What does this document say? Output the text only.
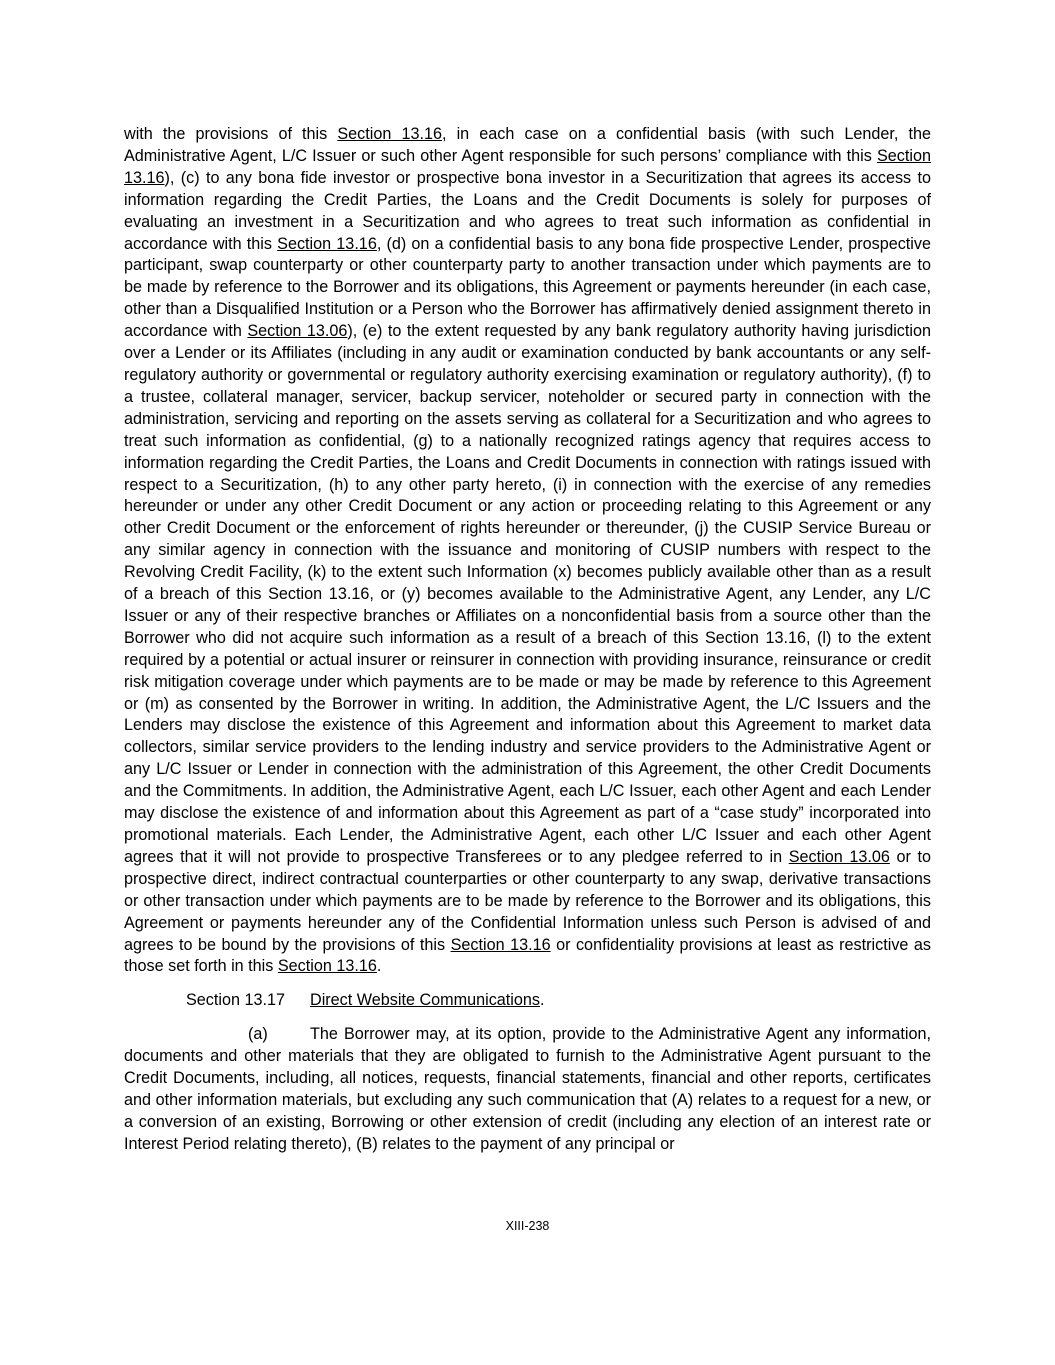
with the provisions of this Section 13.16, in each case on a confidential basis (with such Lender, the Administrative Agent, L/C Issuer or such other Agent responsible for such persons’ compliance with this Section 13.16), (c) to any bona fide investor or prospective bona investor in a Securitization that agrees its access to information regarding the Credit Parties, the Loans and the Credit Documents is solely for purposes of evaluating an investment in a Securitization and who agrees to treat such information as confidential in accordance with this Section 13.16, (d) on a confidential basis to any bona fide prospective Lender, prospective participant, swap counterparty or other counterparty party to another transaction under which payments are to be made by reference to the Borrower and its obligations, this Agreement or payments hereunder (in each case, other than a Disqualified Institution or a Person who the Borrower has affirmatively denied assignment thereto in accordance with Section 13.06), (e) to the extent requested by any bank regulatory authority having jurisdiction over a Lender or its Affiliates (including in any audit or examination conducted by bank accountants or any self-regulatory authority or governmental or regulatory authority exercising examination or regulatory authority), (f) to a trustee, collateral manager, servicer, backup servicer, noteholder or secured party in connection with the administration, servicing and reporting on the assets serving as collateral for a Securitization and who agrees to treat such information as confidential, (g) to a nationally recognized ratings agency that requires access to information regarding the Credit Parties, the Loans and Credit Documents in connection with ratings issued with respect to a Securitization, (h) to any other party hereto, (i) in connection with the exercise of any remedies hereunder or under any other Credit Document or any action or proceeding relating to this Agreement or any other Credit Document or the enforcement of rights hereunder or thereunder, (j) the CUSIP Service Bureau or any similar agency in connection with the issuance and monitoring of CUSIP numbers with respect to the Revolving Credit Facility, (k) to the extent such Information (x) becomes publicly available other than as a result of a breach of this Section 13.16, or (y) becomes available to the Administrative Agent, any Lender, any L/C Issuer or any of their respective branches or Affiliates on a nonconfidential basis from a source other than the Borrower who did not acquire such information as a result of a breach of this Section 13.16, (l) to the extent required by a potential or actual insurer or reinsurer in connection with providing insurance, reinsurance or credit risk mitigation coverage under which payments are to be made or may be made by reference to this Agreement or (m) as consented by the Borrower in writing. In addition, the Administrative Agent, the L/C Issuers and the Lenders may disclose the existence of this Agreement and information about this Agreement to market data collectors, similar service providers to the lending industry and service providers to the Administrative Agent or any L/C Issuer or Lender in connection with the administration of this Agreement, the other Credit Documents and the Commitments. In addition, the Administrative Agent, each L/C Issuer, each other Agent and each Lender may disclose the existence of and information about this Agreement as part of a “case study” incorporated into promotional materials. Each Lender, the Administrative Agent, each other L/C Issuer and each other Agent agrees that it will not provide to prospective Transferees or to any pledgee referred to in Section 13.06 or to prospective direct, indirect contractual counterparties or other counterparty to any swap, derivative transactions or other transaction under which payments are to be made by reference to the Borrower and its obligations, this Agreement or payments hereunder any of the Confidential Information unless such Person is advised of and agrees to be bound by the provisions of this Section 13.16 or confidentiality provisions at least as restrictive as those set forth in this Section 13.16.

Section 13.17 Direct Website Communications.

(a)	The Borrower may, at its option, provide to the Administrative Agent any information, documents and other materials that they are obligated to furnish to the Administrative Agent pursuant to the Credit Documents, including, all notices, requests, financial statements, financial and other reports, certificates and other information materials, but excluding any such communication that (A) relates to a request for a new, or a conversion of an existing, Borrowing or other extension of credit (including any election of an interest rate or Interest Period relating thereto), (B) relates to the payment of any principal or

XIII-238
